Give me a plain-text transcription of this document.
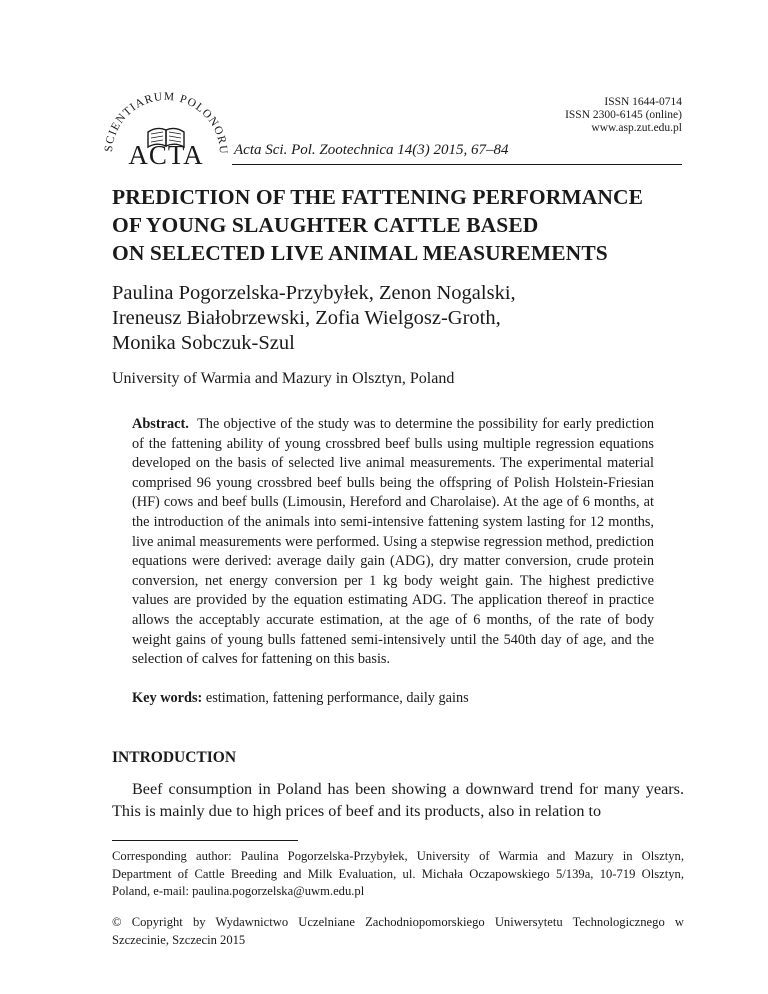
SCIENTIARUM POLONORUM
ACTA
ISSN 1644-0714
ISSN 2300-6145 (online)
www.asp.zut.edu.pl
Acta Sci. Pol. Zootechnica 14(3) 2015, 67–84
PREDICTION OF THE FATTENING PERFORMANCE
OF YOUNG SLAUGHTER CATTLE BASED
ON SELECTED LIVE ANIMAL MEASUREMENTS
Paulina Pogorzelska-Przybyłek, Zenon Nogalski,
Ireneusz Białobrzewski, Zofia Wielgosz-Groth,
Monika Sobczuk-Szul
University of Warmia and Mazury in Olsztyn, Poland
Abstract. The objective of the study was to determine the possibility for early prediction of the fattening ability of young crossbred beef bulls using multiple regression equations developed on the basis of selected live animal measurements. The experimental material comprised 96 young crossbred beef bulls being the offspring of Polish Holstein-Friesian (HF) cows and beef bulls (Limousin, Hereford and Charolaise). At the age of 6 months, at the introduction of the animals into semi-intensive fattening system lasting for 12 months, live animal measurements were performed. Using a stepwise regression method, prediction equations were derived: average daily gain (ADG), dry matter conversion, crude protein conversion, net energy conversion per 1 kg body weight gain. The highest predictive values are provided by the equation estimating ADG. The application thereof in practice allows the acceptably accurate estimation, at the age of 6 months, of the rate of body weight gains of young bulls fattened semi-intensively until the 540th day of age, and the selection of calves for fattening on this basis.
Key words: estimation, fattening performance, daily gains
INTRODUCTION

Beef consumption in Poland has been showing a downward trend for many years. This is mainly due to high prices of beef and its products, also in relation to

Corresponding author: Paulina Pogorzelska-Przybyłek, University of Warmia and Mazury in Olsztyn, Department of Cattle Breeding and Milk Evaluation, ul. Michała Oczapowskiego 5/139a, 10-719 Olsztyn, Poland, e-mail: paulina.pogorzelska@uwm.edu.pl

© Copyright by Wydawnictwo Uczelniane Zachodniopomorskiego Uniwersytetu Technologicznego w Szczecinie, Szczecin 2015
